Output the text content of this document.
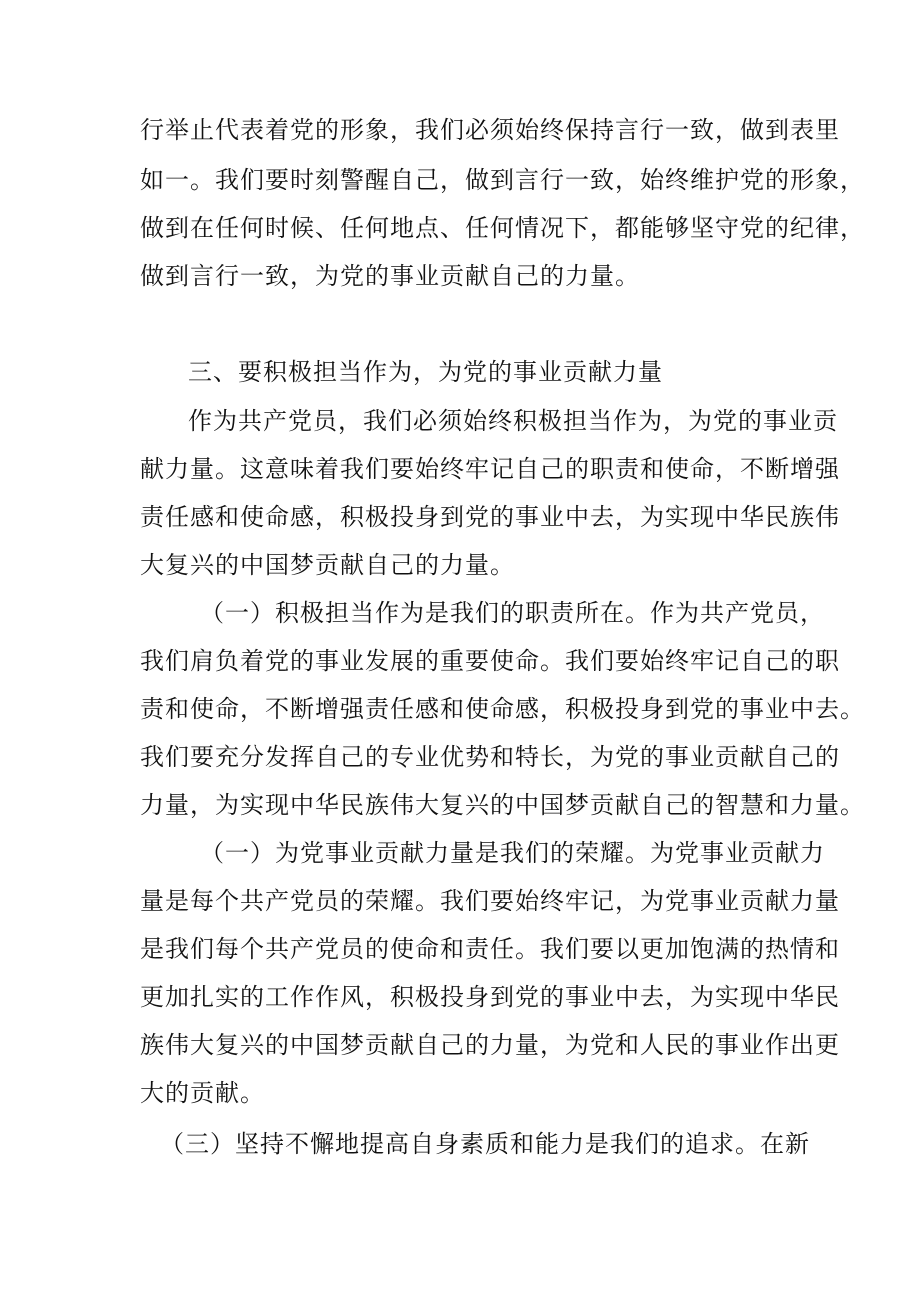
行举止代表着党的形象，我们必须始终保持言行一致，做到表里
如一。我们要时刻警醒自己，做到言行一致，始终维护党的形象，
做到在任何时候、任何地点、任何情况下，都能够坚守党的纪律，
做到言行一致，为党的事业贡献自己的力量。
三、要积极担当作为，为党的事业贡献力量
作为共产党员，我们必须始终积极担当作为，为党的事业贡
献力量。这意味着我们要始终牢记自己的职责和使命，不断增强
责任感和使命感，积极投身到党的事业中去，为实现中华民族伟
大复兴的中国梦贡献自己的力量。
（一）积极担当作为是我们的职责所在。作为共产党员，
我们肩负着党的事业发展的重要使命。我们要始终牢记自己的职
责和使命，不断增强责任感和使命感，积极投身到党的事业中去。
我们要充分发挥自己的专业优势和特长，为党的事业贡献自己的
力量，为实现中华民族伟大复兴的中国梦贡献自己的智慧和力量。
（一）为党事业贡献力量是我们的荣耀。为党事业贡献力
量是每个共产党员的荣耀。我们要始终牢记，为党事业贡献力量
是我们每个共产党员的使命和责任。我们要以更加饱满的热情和
更加扎实的工作作风，积极投身到党的事业中去，为实现中华民
族伟大复兴的中国梦贡献自己的力量，为党和人民的事业作出更
大的贡献。
（三）坚持不懈地提高自身素质和能力是我们的追求。在新
